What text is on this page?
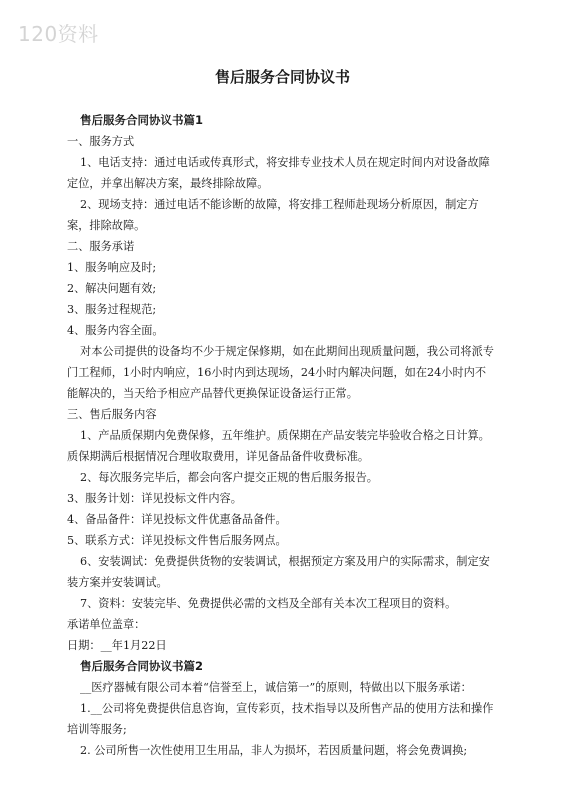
120资料
售后服务合同协议书

售后服务合同协议书篇1

一、服务方式

1、电话支持：通过电话或传真形式，将安排专业技术人员在规定时间内对设备故障定位，并拿出解决方案，最终排除故障。

2、现场支持：通过电话不能诊断的故障，将安排工程师赴现场分析原因，制定方案，排除故障。

二、服务承诺

1、服务响应及时;

2、解决问题有效;

3、服务过程规范;

4、服务内容全面。

对本公司提供的设备均不少于规定保修期，如在此期间出现质量问题，我公司将派专门工程师，1小时内响应，16小时内到达现场，24小时内解决问题，如在24小时内不能解决的，当天给予相应产品替代更换保证设备运行正常。

三、售后服务内容

1、产品质保期内免费保修，五年维护。质保期在产品安装完毕验收合格之日计算。质保期满后根据情况合理收取费用，详见备品备件收费标准。

2、每次服务完毕后，都会向客户提交正规的售后服务报告。

3、服务计划：详见投标文件内容。

4、备品备件：详见投标文件优惠备品备件。

5、联系方式：详见投标文件售后服务网点。

6、安装调试：免费提供货物的安装调试，根据预定方案及用户的实际需求，制定安装方案并安装调试。

7、资料：安装完毕、免费提供必需的文档及全部有关本次工程项目的资料。

承诺单位盖章：

日期：__年1月22日

售后服务合同协议书篇2

__医疗器械有限公司本着“信誉至上，诚信第一”的原则，特做出以下服务承诺：

1.__公司将免费提供信息咨询，宣传彩页，技术指导以及所售产品的使用方法和操作培训等服务;

2. 公司所售一次性使用卫生用品，非人为损坏，若因质量问题，将会免费调换;
